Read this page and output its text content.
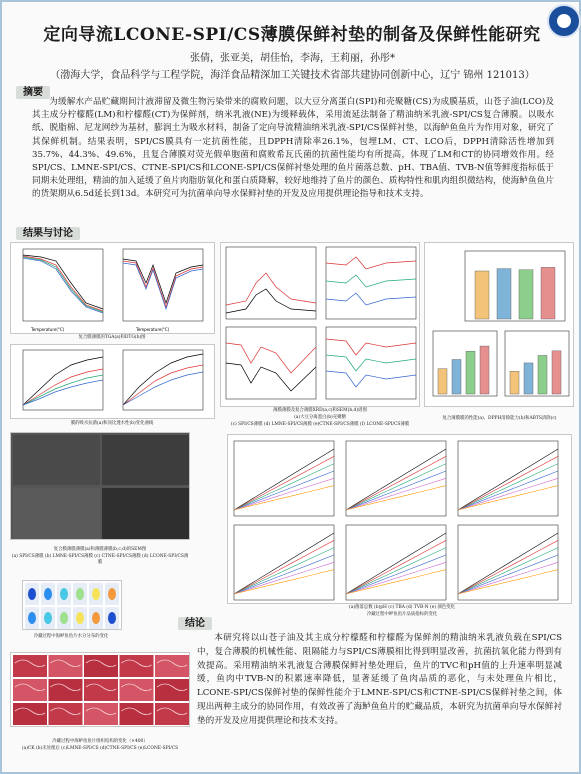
定向导流LCONE-SPI/CS薄膜保鲜衬垫的制备及保鲜性能研究
张倩，张亚美，胡佳怡，李海，王莉丽，孙彤*
（渤海大学，食品科学与工程学院，海洋食品精深加工关键技术省部共建协同创新中心，辽宁 锦州 121013）
摘要
为缓解水产品贮藏期间汁液滞留及微生物污染带来的腐败问题，以大豆分离蛋白(SPI)和壳聚糖(CS)为成膜基质，山苍子油(LCO)及其主成分柠檬醛(LM)和柠檬醛(CT)为保鲜剂，纳米乳液(NE)为缓释载体，采用流延法制备了精油纳米乳液-SPI/CS复合薄膜。以吸水纸、脱脂棉、尼龙网纱为基材，膨润土为吸水材料，制备了定向导流精油纳米乳液-SPI/CS保鲜衬垫，以海鲈鱼鱼片为作用对象，研究了其保鲜机制。结果表明，SPI/CS膜具有一定抗菌性能，且DPPH清除率26.1%，包埋LM、CT、LCO后，DPPH清除活性增加到35.7%、44.3%、49.6%，且复合薄膜对荧光假单胞菌和腐败希瓦氏菌的抗菌性能均有所提高，体现了LM和CT的协同增效作用。经SPI/CS、LMNE-SPI/CS、CTNE-SPI/CS和LCONE-SPI/CS保鲜衬垫处理的鱼片菌落总数、pH、TBA值、TVB-N值等鲜度指标低于同期未处理组，精油的加入延缓了鱼片肉脂肪氧化和蛋白质降解，较好地维持了鱼片的颜色、质构特性和肌肉组织微结构，使海鲈鱼鱼片的货架期从6.5d延长到13d。本研究可为抗菌单向导水保鲜衬垫的开发及应用提供理论指导和技术支持。
结果与讨论
Temperature(°C)	Temperature(°C)
复合膜薄膜的TGA(a)和DTG(b)图
膜的吸水抗菌(a)和顶比透水性(b)变化曲线
薄膜薄膜及复合薄膜XRD(a,c)和SEM(b,d)谱图
(a)大豆分离蛋白(b)壳聚糖
(c) SPI/CS薄膜 (d) LMNE-SPI/CS薄膜 (e)CTNE-SPI/CS薄膜 (f) LCONE-SPI/CS薄膜
复合薄膜膜的性能(a)、DPPH清除能力(b)和ABTS清除(c)
复合膜薄膜薄膜(a)和薄膜薄膜(b,c,d)的SEM图
(a) SPI/CS薄膜 (b) LMNE-SPI/CS薄膜 (c) CTNE-SPI/CS薄膜 (d) LCONE-SPI/CS薄膜
(a)菌落总数 (b)pH (c) TBA (d) TVB-N (e) 颜色变化
冷藏过程中鲈鱼鱼片品质指标的变化
冷藏过程中海鲈鱼鱼片水分分布的变化
冷藏过程中海鲈鱼鱼片组织结构的变化（×400）
(a)CK (b)未处理后 (c)LMNE-SPI/CS (d)CTNE-SPI/CS (e)LCONE-SPI/CS
结论
本研究将以山苍子油及其主成分柠檬醛和柠檬醛为保鲜剂的精油纳米乳液负载在SPI/CS中，复合薄膜的机械性能、阻隔能力与SPI/CS薄膜相比得到明显改善，抗菌抗氧化能力得到有效提高。采用精油纳米乳液复合薄膜保鲜衬垫处理后，鱼片的TVC和pH值的上升速率明显减缓，鱼肉中TVB-N的积累速率降低，显著延缓了鱼肉品质的恶化，与未处理鱼片相比，LCONE-SPI/CS保鲜衬垫的保鲜性能介于LMNE-SPI/CS和CTNE-SPI/CS保鲜衬垫之间，体现出两种主成分的协同作用，有效改善了海鲈鱼鱼片的贮藏品质，本研究为抗菌单向导水保鲜衬垫的开发及应用提供理论和技术支持。
